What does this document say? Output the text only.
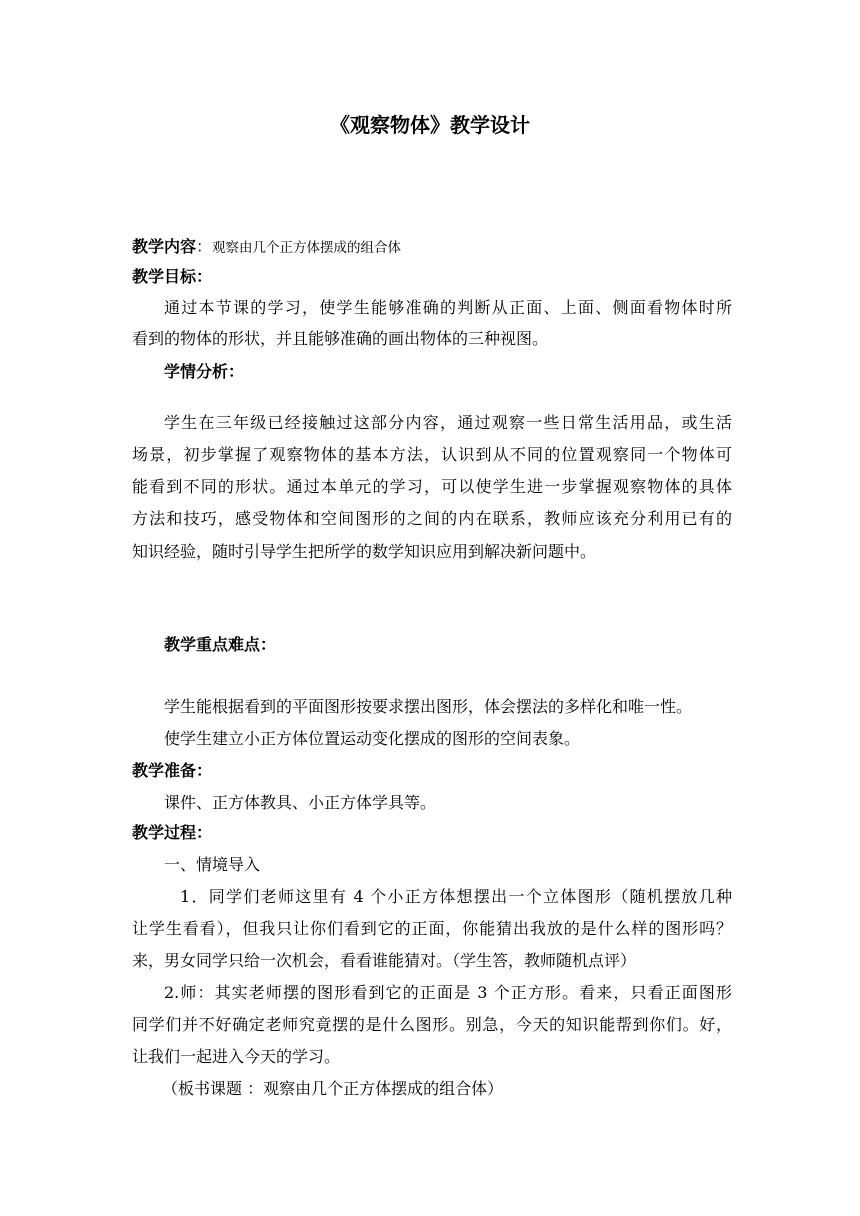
《观察物体》教学设计
教学内容：观察由几个正方体摆成的组合体
教学目标：
通过本节课的学习，使学生能够准确的判断从正面、上面、侧面看物体时所
看到的物体的形状，并且能够准确的画出物体的三种视图。
学情分析：
学生在三年级已经接触过这部分内容，通过观察一些日常生活用品，或生活
场景，初步掌握了观察物体的基本方法，认识到从不同的位置观察同一个物体可
能看到不同的形状。通过本单元的学习，可以使学生进一步掌握观察物体的具体
方法和技巧，感受物体和空间图形的之间的内在联系，教师应该充分利用已有的
知识经验，随时引导学生把所学的数学知识应用到解决新问题中。
教学重点难点：
学生能根据看到的平面图形按要求摆出图形，体会摆法的多样化和唯一性。
使学生建立小正方体位置运动变化摆成的图形的空间表象。
教学准备：
课件、正方体教具、小正方体学具等。
教学过程：
一、情境导入
1．同学们老师这里有 4 个小正方体想摆出一个立体图形（随机摆放几种
让学生看看），但我只让你们看到它的正面，你能猜出我放的是什么样的图形吗？
来，男女同学只给一次机会，看看谁能猜对。（学生答，教师随机点评）
2.师：其实老师摆的图形看到它的正面是 3 个正方形。看来，只看正面图形
同学们并不好确定老师究竟摆的是什么图形。别急，今天的知识能帮到你们。好，
让我们一起进入今天的学习。
（板书课题 ：观察由几个正方体摆成的组合体）
